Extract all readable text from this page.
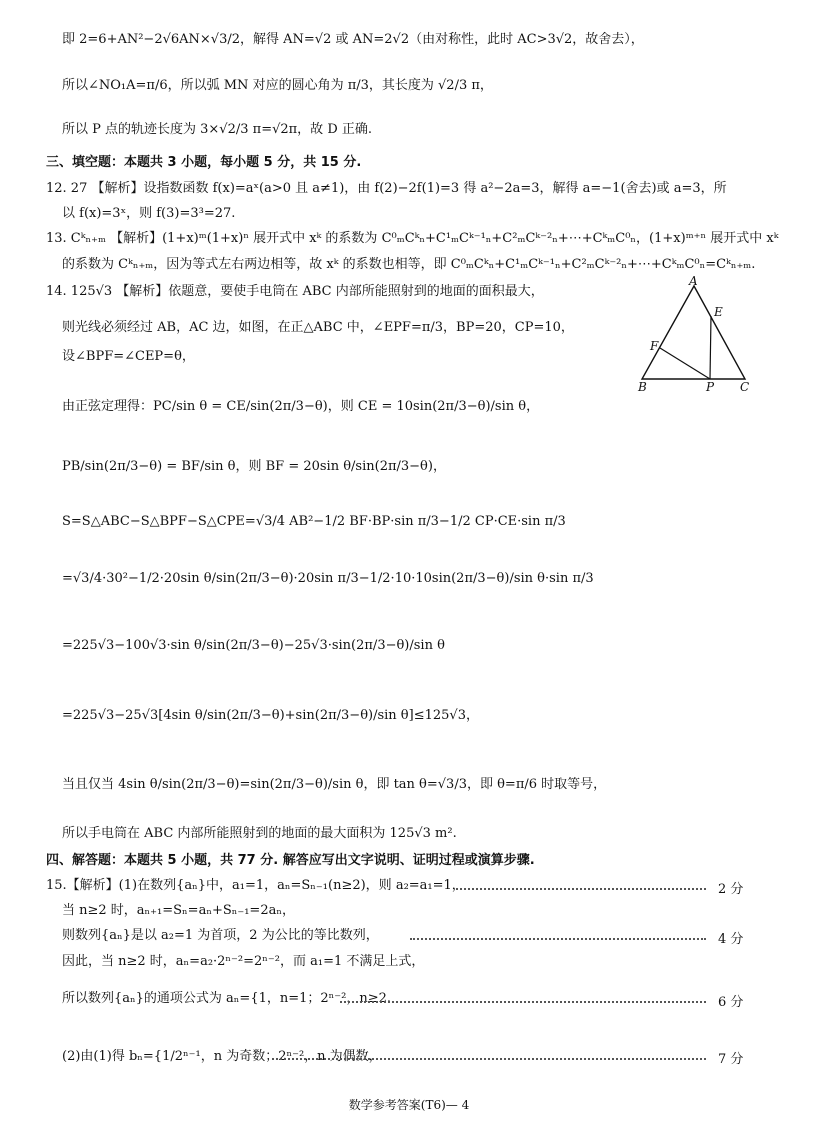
即 2=6+AN²−2√6AN×√3/2，解得 AN=√2 或 AN=2√2（由对称性，此时 AC>3√2，故舍去），
所以∠NO₁A=π/6，所以弧 MN 对应的圆心角为 π/3，其长度为 √2/3 π，
所以 P 点的轨迹长度为 3×√2/3 π=√2π，故 D 正确.
三、填空题：本题共 3 小题，每小题 5 分，共 15 分.
12. 27 【解析】设指数函数 f(x)=aˣ(a>0 且 a≠1)，由 f(2)−2f(1)=3 得 a²−2a=3，解得 a=−1(舍去)或 a=3，所
以 f(x)=3ˣ，则 f(3)=3³=27.
13. Cᵏₙ₊ₘ 【解析】(1+x)ᵐ(1+x)ⁿ 展开式中 xᵏ 的系数为 C⁰ₘCᵏₙ+C¹ₘCᵏ⁻¹ₙ+C²ₘCᵏ⁻²ₙ+⋯+CᵏₘC⁰ₙ，(1+x)ᵐ⁺ⁿ 展开式中 xᵏ
的系数为 Cᵏₙ₊ₘ，因为等式左右两边相等，故 xᵏ 的系数也相等，即 C⁰ₘCᵏₙ+C¹ₘCᵏ⁻¹ₙ+C²ₘCᵏ⁻²ₙ+⋯+CᵏₘC⁰ₙ=Cᵏₙ₊ₘ.
14. 125√3 【解析】依题意，要使手电筒在 ABC 内部所能照射到的地面的面积最大，
则光线必须经过 AB，AC 边，如图，在正△ABC 中，∠EPF=π/3，BP=20，CP=10，
设∠BPF=∠CEP=θ，
由正弦定理得：PC/sin θ = CE/sin(2π/3−θ)，则 CE = 10sin(2π/3−θ)/sin θ，
PB/sin(2π/3−θ) = BF/sin θ，则 BF = 20sin θ/sin(2π/3−θ)，
S=S△ABC−S△BPF−S△CPE=√3/4 AB²−1/2 BF·BP·sin π/3−1/2 CP·CE·sin π/3
=√3/4·30²−1/2·20sin θ/sin(2π/3−θ)·20sin π/3−1/2·10·10sin(2π/3−θ)/sin θ·sin π/3
=225√3−100√3·sin θ/sin(2π/3−θ)−25√3·sin(2π/3−θ)/sin θ
=225√3−25√3[4sin θ/sin(2π/3−θ)+sin(2π/3−θ)/sin θ]≤125√3，
当且仅当 4sin θ/sin(2π/3−θ)=sin(2π/3−θ)/sin θ，即 tan θ=√3/3，即 θ=π/6 时取等号，
所以手电筒在 ABC 内部所能照射到的地面的最大面积为 125√3 m².
四、解答题：本题共 5 小题，共 77 分. 解答应写出文字说明、证明过程或演算步骤.
15.【解析】(1)在数列{aₙ}中，a₁=1，aₙ=Sₙ₋₁(n≥2)，则 a₂=a₁=1，
当 n≥2 时，aₙ₊₁=Sₙ=aₙ+Sₙ₋₁=2aₙ，
则数列{aₙ}是以 a₂=1 为首项，2 为公比的等比数列，
因此，当 n≥2 时，aₙ=a₂·2ⁿ⁻²=2ⁿ⁻²，而 a₁=1 不满足上式，
所以数列{aₙ}的通项公式为 aₙ={1，n=1；2ⁿ⁻²，n≥2.
(2)由(1)得 bₙ={1/2ⁿ⁻¹，n 为奇数；2ⁿ⁻²，n 为偶数，
2 分
4 分
6 分
7 分
A
E
F
B	P C
数学参考答案(T6)— 4
